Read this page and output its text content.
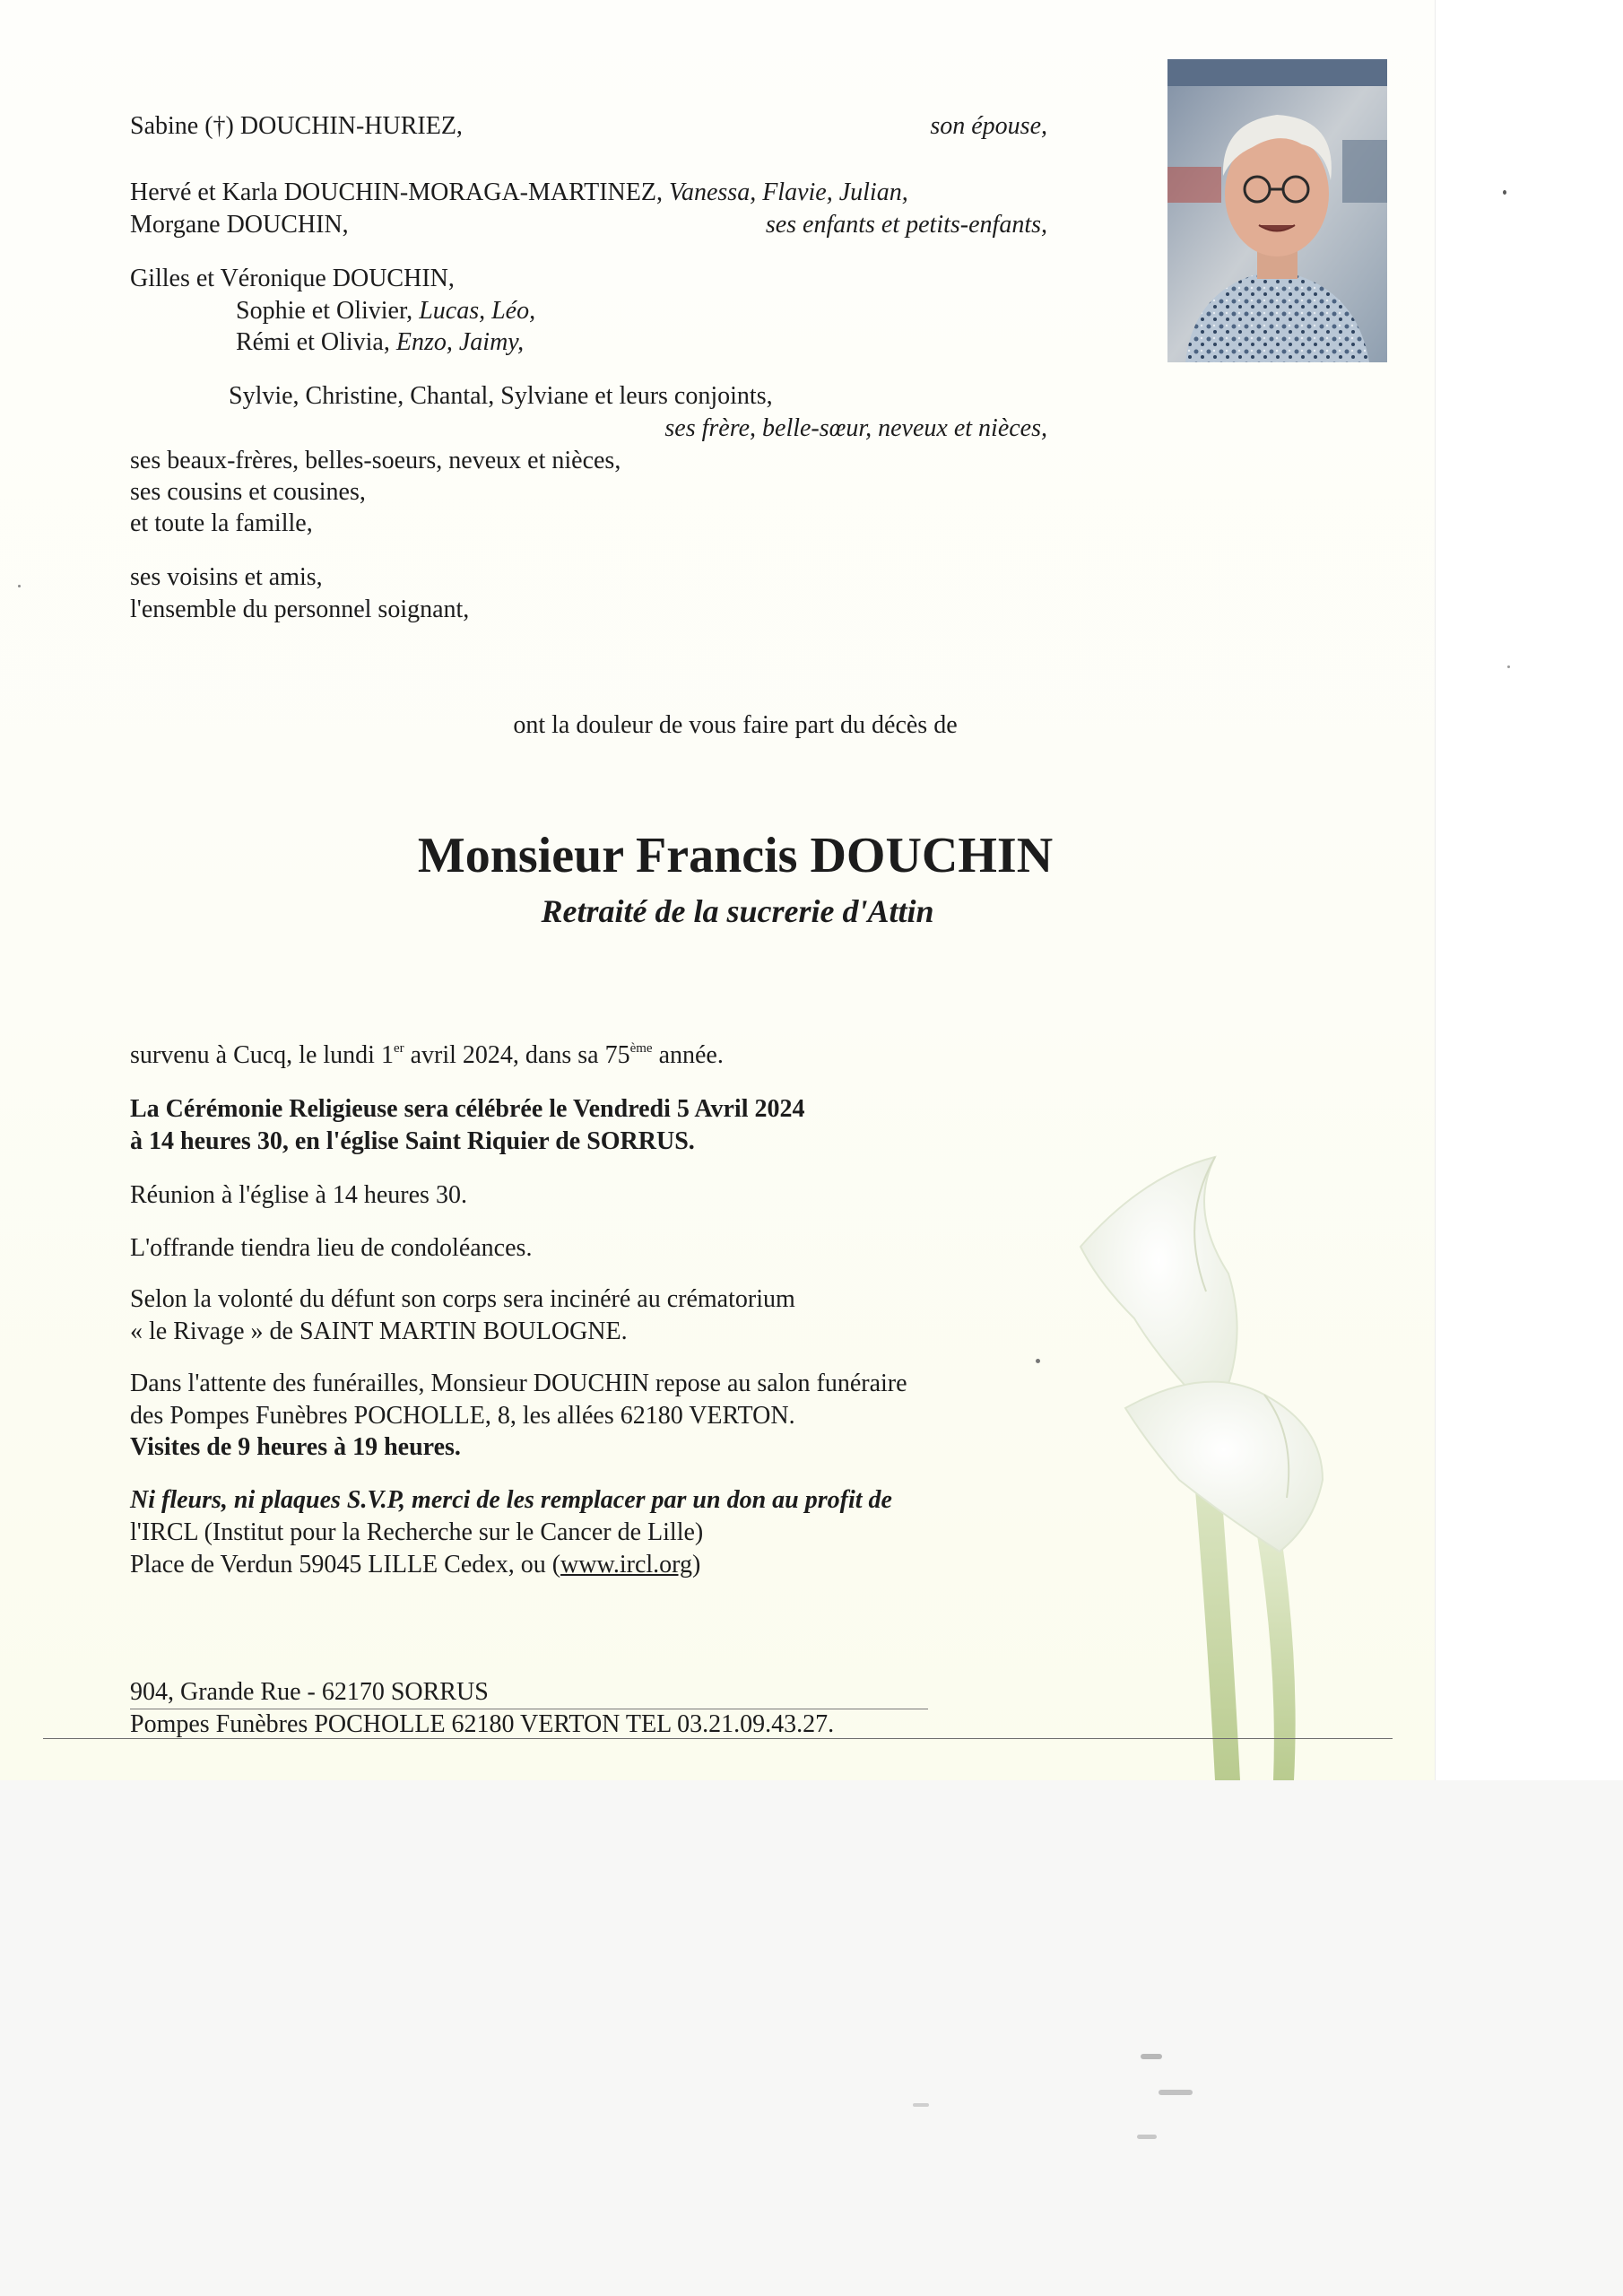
Sabine (†) DOUCHIN-HURIEZ,	son épouse,
Hervé et Karla DOUCHIN-MORAGA-MARTINEZ, Vanessa, Flavie, Julian,
Morgane DOUCHIN,	ses enfants et petits-enfants,
Gilles et Véronique DOUCHIN,
Sophie et Olivier, Lucas, Léo,
Rémi et Olivia, Enzo, Jaimy,
Sylvie, Christine, Chantal, Sylviane et leurs conjoints,
ses frère, belle-sœur, neveux et nièces,
ses beaux-frères, belles-soeurs, neveux et nièces,
ses cousins et cousines,
et toute la famille,
ses voisins et amis,
l'ensemble du personnel soignant,
ont la douleur de vous faire part du décès de
Monsieur Francis DOUCHIN
Retraité de la sucrerie d'Attin
survenu à Cucq, le lundi 1er avril 2024, dans sa 75ème année.
La Cérémonie Religieuse sera célébrée le Vendredi 5 Avril 2024
à 14 heures 30, en l'église Saint Riquier de SORRUS.
Réunion à l'église à 14 heures 30.
L'offrande tiendra lieu de condoléances.
Selon la volonté du défunt son corps sera incinéré au crématorium
« le Rivage » de SAINT MARTIN BOULOGNE.
Dans l'attente des funérailles, Monsieur DOUCHIN repose au salon funéraire
des Pompes Funèbres POCHOLLE, 8, les allées 62180 VERTON.
Visites de 9 heures à 19 heures.
Ni fleurs, ni plaques S.V.P, merci de les remplacer par un don au profit de
l'IRCL (Institut pour la Recherche sur le Cancer de Lille)
Place de Verdun 59045 LILLE Cedex, ou (www.ircl.org)
904, Grande Rue - 62170 SORRUS
Pompes Funèbres POCHOLLE 62180 VERTON TEL 03.21.09.43.27.
